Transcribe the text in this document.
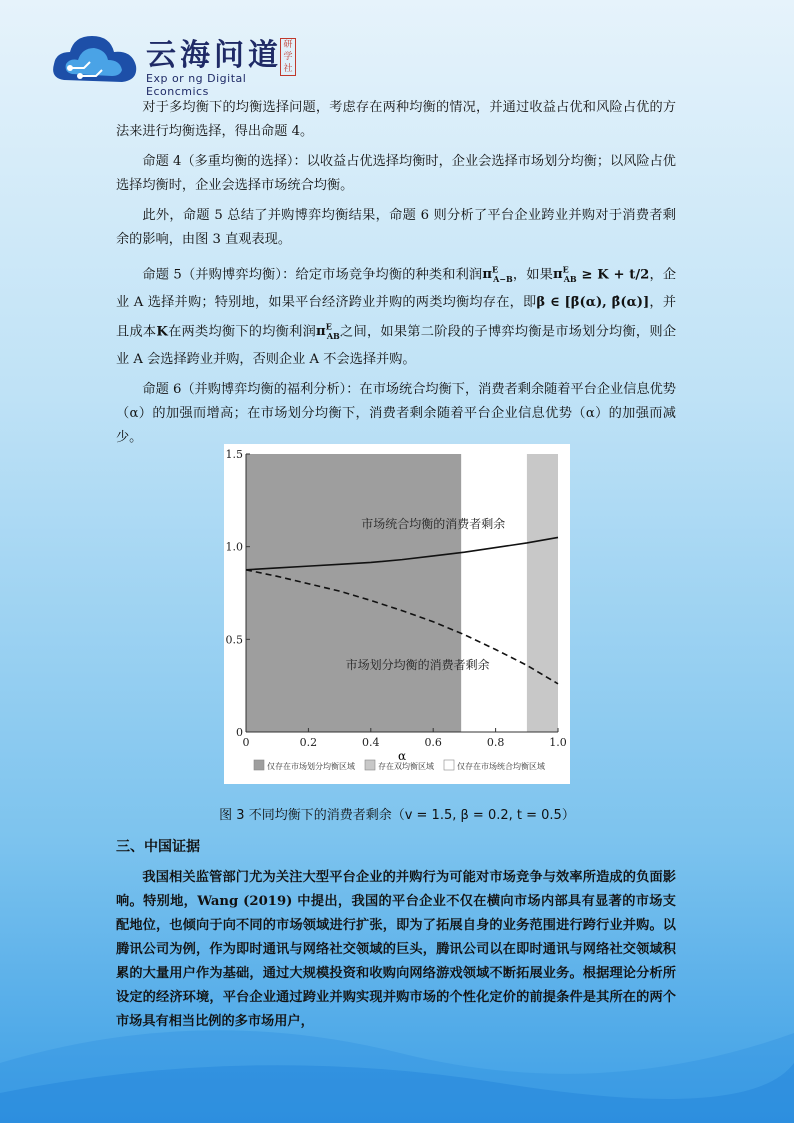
云海问道
Exp or ng Digital Econcmics
研学社

对于多均衡下的均衡选择问题，考虑存在两种均衡的情况，并通过收益占优和风险占优的方法来进行均衡选择，得出命题 4。

命题 4（多重均衡的选择）：以收益占优选择均衡时，企业会选择市场划分均衡；以风险占优选择均衡时，企业会选择市场统合均衡。

此外，命题 5 总结了并购博弈均衡结果，命题 6 则分析了平台企业跨业并购对于消费者剩余的影响，由图 3 直观表现。

命题 5（并购博弈均衡）：给定市场竞争均衡的种类和利润$\pi^E_{A-B}$，如果$\pi^E_{AB} \ge K + t/2$，企业 A 选择并购；特别地，如果平台经济跨业并购的两类均衡均存在，即β ∈ [β̄(α), β̂(α)]，并且成本K在两类均衡下的均衡利润$\pi^E_{AB}$之间，如果第二阶段的子博弈均衡是市场划分均衡，则企业 A 会选择跨业并购，否则企业 A 不会选择并购。

命题 6（并购博弈均衡的福利分析）：在市场统合均衡下，消费者剩余随着平台企业信息优势（α）的加强而增高；在市场划分均衡下，消费者剩余随着平台企业信息优势（α）的加强而减少。

0	0.2	0.4	0.6	0.8	1.0
0
0.5
1.0
1.5
α
市场统合均衡的消费者剩余
市场划分均衡的消费者剩余
仅存在市场划分均衡区域	存在双均衡区域	仅存在市场统合均衡区域
图 3 不同均衡下的消费者剩余（v = 1.5, β = 0.2, t = 0.5）
三、中国证据

我国相关监管部门尤为关注大型平台企业的并购行为可能对市场竞争与效率所造成的负面影响。特别地，Wang (2019) 中提出，我国的平台企业不仅在横向市场内部具有显著的市场支配地位，也倾向于向不同的市场领域进行扩张，即为了拓展自身的业务范围进行跨行业并购。以腾讯公司为例，作为即时通讯与网络社交领域的巨头，腾讯公司以在即时通讯与网络社交领域积累的大量用户作为基础，通过大规模投资和收购向网络游戏领域不断拓展业务。根据理论分析所设定的经济环境，平台企业通过跨业并购实现并购市场的个性化定价的前提条件是其所在的两个市场具有相当比例的多市场用户，
